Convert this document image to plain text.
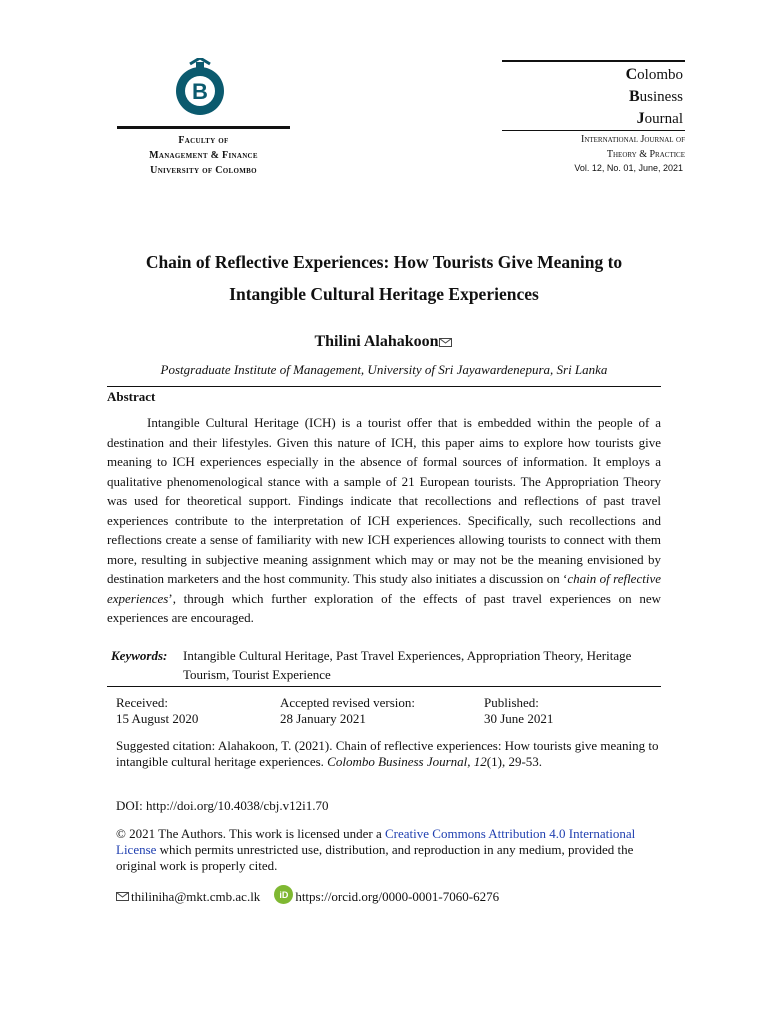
B
Faculty of
Management & Finance
University of Colombo
Colombo
Business
Journal
International Journal of
Theory & Practice
Vol. 12, No. 01, June, 2021
Chain of Reflective Experiences: How Tourists Give Meaning to
Intangible Cultural Heritage Experiences
Thilini Alahakoon
Postgraduate Institute of Management, University of Sri Jayawardenepura, Sri Lanka
Abstract
Intangible Cultural Heritage (ICH) is a tourist offer that is embedded within the people of a destination and their lifestyles. Given this nature of ICH, this paper aims to explore how tourists give meaning to ICH experiences especially in the absence of formal sources of information. It employs a qualitative phenomenological stance with a sample of 21 European tourists. The Appropriation Theory was used for theoretical support. Findings indicate that recollections and reflections of past travel experiences contribute to the interpretation of ICH experiences. Specifically, such recollections and reflections create a sense of familiarity with new ICH experiences allowing tourists to connect with them more, resulting in subjective meaning assignment which may or may not be the meaning envisioned by destination marketers and the host community. This study also initiates a discussion on ‘chain of reflective experiences’, through which further exploration of the effects of past travel experiences on new experiences are encouraged.
Keywords: Intangible Cultural Heritage, Past Travel Experiences, Appropriation Theory, Heritage Tourism, Tourist Experience
Received:
15 August 2020
Accepted revised version:
28 January 2021
Published:
30 June 2021
Suggested citation: Alahakoon, T. (2021). Chain of reflective experiences: How tourists give meaning to intangible cultural heritage experiences. Colombo Business Journal, 12(1), 29-53.
DOI: http://doi.org/10.4038/cbj.v12i1.70
© 2021 The Authors. This work is licensed under a Creative Commons Attribution 4.0 International License which permits unrestricted use, distribution, and reproduction in any medium, provided the original work is properly cited.
thiliniha@mkt.cmb.ac.lk	iD https://orcid.org/0000-0001-7060-6276
